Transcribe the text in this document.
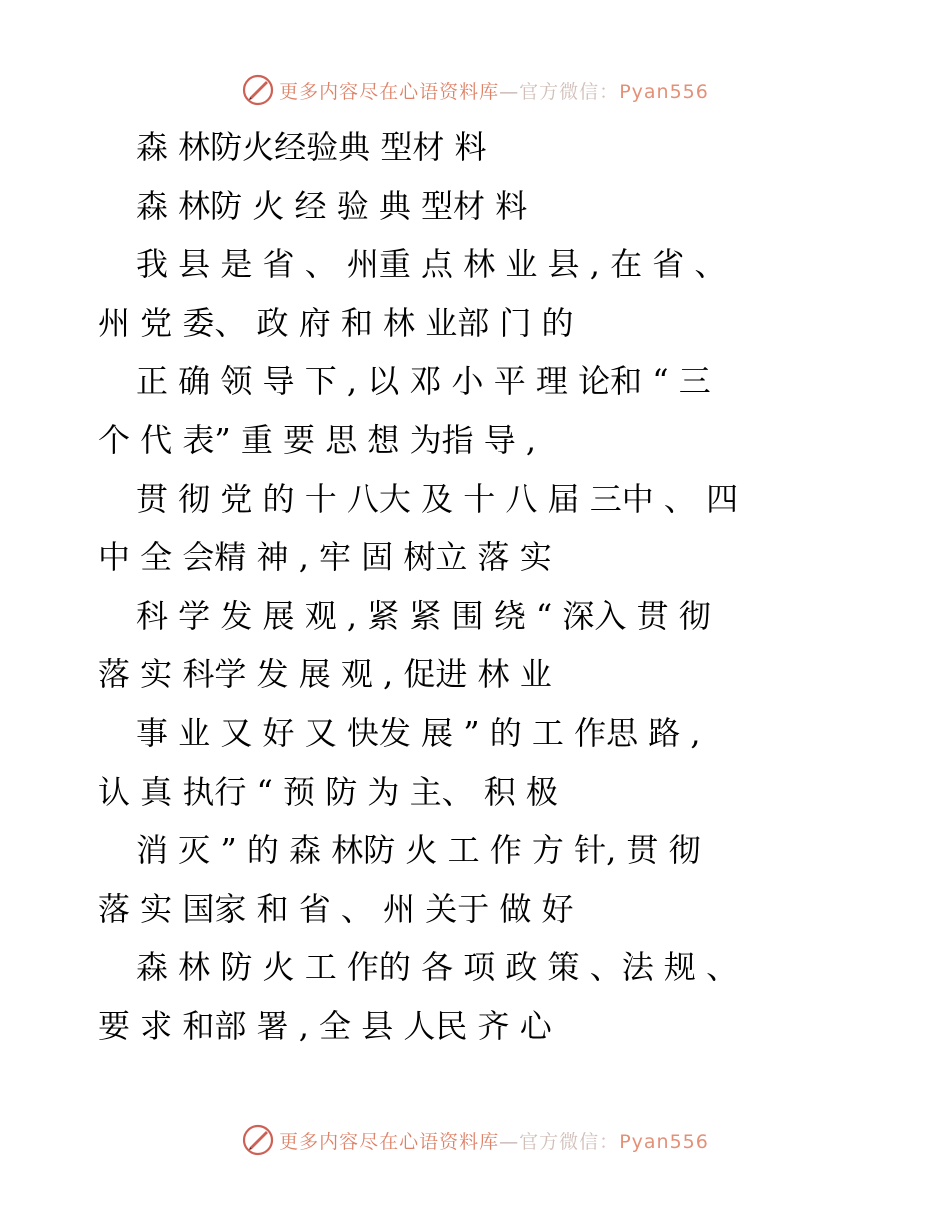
更多内容尽在心语资料库—官方微信：Pyan556
森 林防火经验典 型材 料
森 林防 火 经 验 典 型材 料
我 县 是 省 、 州重 点 林 业 县 , 在 省 、
州 党 委、 政 府 和 林 业部 门 的
正 确 领 导 下 , 以 邓 小 平 理 论和 “ 三
个 代 表” 重 要 思 想 为指 导 ,
贯 彻 党 的 十 八大 及 十 八 届 三中 、 四
中 全 会精 神 , 牢 固 树立 落 实
科 学 发 展 观 , 紧 紧 围 绕 “ 深入 贯 彻
落 实 科学 发 展 观 , 促进 林 业
事 业 又 好 又 快发 展 ” 的 工 作思 路 ,
认 真 执行 “ 预 防 为 主、 积 极
消 灭 ” 的 森 林防 火 工 作 方 针, 贯 彻
落 实 国家 和 省 、 州 关于 做 好
森 林 防 火 工 作的 各 项 政 策 、法 规 、
要 求 和部 署 , 全 县 人民 齐 心
更多内容尽在心语资料库—官方微信：Pyan556
